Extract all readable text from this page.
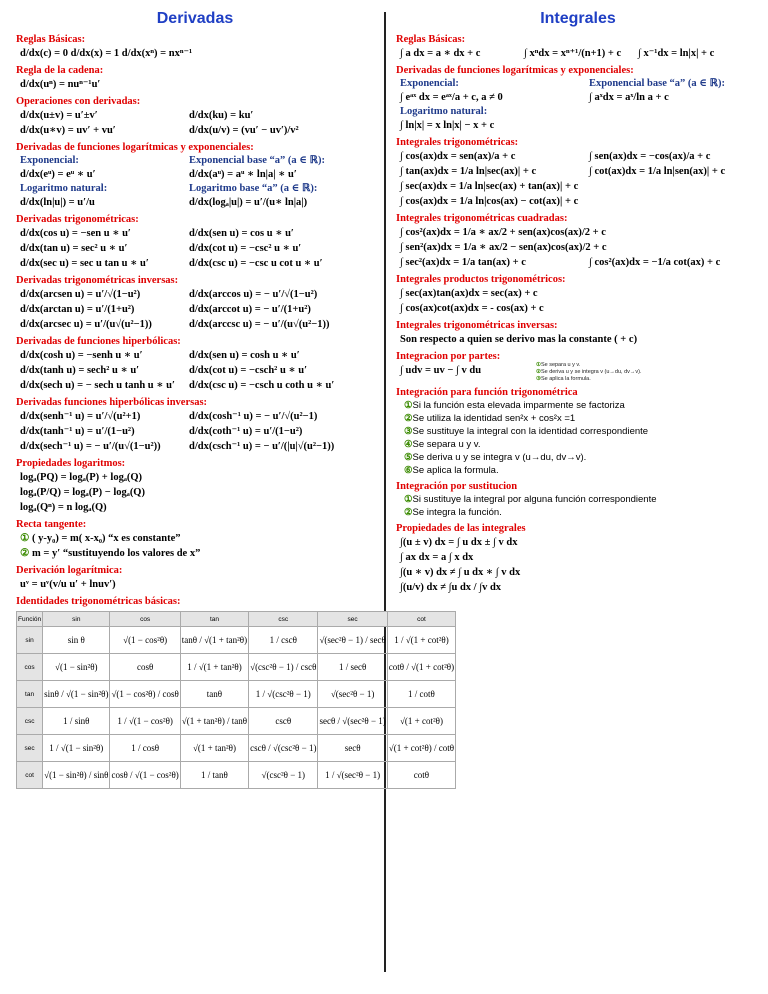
Derivadas	Integrales
Reglas Básicas:
d/dx(c) = 0 d/dx(x) = 1 d/dx(xⁿ) = nxⁿ⁻¹
Regla de la cadena:
d/dx(uⁿ) = nuⁿ⁻¹u′
Operaciones con derivadas:
d/dx(u±v) = u′±v′	d/dx(ku) = ku′
d/dx(u∗v) = uv′ + vu′	d/dx(u/v) = (vu′ − uv′)/v²
Derivadas de funciones logarítmicas y exponenciales:
Exponencial:	Exponencial base “a” (a ∈ ℝ):
d/dx(eᵘ) = eᵘ ∗ u′	d/dx(aᵘ) = aᵘ ∗ ln|a| ∗ u′
Logaritmo natural:	Logaritmo base “a” (a ∈ ℝ):
d/dx(ln|u|) = u′/u	d/dx(logₐ|u|) = u′/(u∗ ln|a|)
Derivadas trigonométricas:
d/dx(cos u) = −sen u ∗ u′	d/dx(sen u) = cos u ∗ u′
d/dx(tan u) = sec² u ∗ u′	d/dx(cot u) = −csc² u ∗ u′
d/dx(sec u) = sec u tan u ∗ u′	d/dx(csc u) = −csc u cot u ∗ u′
Derivadas trigonométricas inversas:
d/dx(arcsen u) = u′/√(1−u²)	d/dx(arccos u) = − u′/√(1−u²)
d/dx(arctan u) = u′/(1+u²)	d/dx(arccot u) = − u′/(1+u²)
d/dx(arcsec u) = u′/(u√(u²−1))	d/dx(arccsc u) = − u′/(u√(u²−1))
Derivadas de funciones hiperbólicas:
d/dx(cosh u) = −senh u ∗ u′	d/dx(sen u) = cosh u ∗ u′
d/dx(tanh u) = sech² u ∗ u′	d/dx(cot u) = −csch² u ∗ u′
d/dx(sech u) = − sech u tanh u ∗ u′	d/dx(csc u) = −csch u coth u ∗ u′
Derivadas funciones hiperbólicas inversas:
d/dx(senh⁻¹ u) = u′/√(u²+1)	d/dx(cosh⁻¹ u) = − u′/√(u²−1)
d/dx(tanh⁻¹ u) = u′/(1−u²)	d/dx(coth⁻¹ u) = u′/(1−u²)
d/dx(sech⁻¹ u) = − u′/(u√(1−u²))	d/dx(csch⁻¹ u) = − u′/(|u|√(u²−1))
Propiedades logaritmos:
logₐ(PQ) = logₐ(P) + logₐ(Q)
logₐ(P/Q) = logₐ(P) − logₐ(Q)
logₐ(Qⁿ) = n logₐ(Q)
Recta tangente:
① ( y-y₀) = m( x-x₀) “x es constante”
② m = y′ “sustituyendo los valores de x”
Derivación logarítmica:
uᵛ = uᵛ(v/u u′ + lnuv′)
Identidades trigonométricas básicas:
Función	sin	cos	tan	csc	sec	cot
sin	sin θ	√(1 − cos²θ)	tanθ / √(1 + tan²θ)	1 / cscθ	√(sec²θ − 1) / secθ	1 / √(1 + cot²θ)
cos	√(1 − sin²θ)	cosθ	1 / √(1 + tan²θ)	√(csc²θ − 1) / cscθ	1 / secθ	cotθ / √(1 + cot²θ)
tan	sinθ / √(1 − sin²θ)	√(1 − cos²θ) / cosθ	tanθ	1 / √(csc²θ − 1)	√(sec²θ − 1)	1 / cotθ
csc	1 / sinθ	1 / √(1 − cos²θ)	√(1 + tan²θ) / tanθ	cscθ	secθ / √(sec²θ − 1)	√(1 + cot²θ)
sec	1 / √(1 − sin²θ)	1 / cosθ	√(1 + tan²θ)	cscθ / √(csc²θ − 1)	secθ	√(1 + cot²θ) / cotθ
cot	√(1 − sin²θ) / sinθ	cosθ / √(1 − cos²θ)	1 / tanθ	√(csc²θ − 1)	1 / √(sec²θ − 1)	cotθ
Reglas Básicas:
∫ a dx = a ∗ dx + c	∫ xⁿdx = xⁿ⁺¹/(n+1) + c	∫ x⁻¹dx = ln|x| + c
Derivadas de funciones logarítmicas y exponenciales:
Exponencial:	Exponencial base “a” (a ∈ ℝ):
∫ eᵃˣ dx = eᵃˣ/a + c, a ≠ 0	∫ aˣdx = aˣ/ln a + c
Logaritmo natural:
∫ ln|x| = x ln|x| − x + c
Integrales trigonométricas:
∫ cos(ax)dx = sen(ax)/a + c	∫ sen(ax)dx = −cos(ax)/a + c
∫ tan(ax)dx = 1/a ln|sec(ax)| + c	∫ cot(ax)dx = 1/a ln|sen(ax)| + c
∫ sec(ax)dx = 1/a ln|sec(ax) + tan(ax)| + c
∫ cos(ax)dx = 1/a ln|cos(ax) − cot(ax)| + c
Integrales trigonométricas cuadradas:
∫ cos²(ax)dx = 1/a ∗ ax/2 + sen(ax)cos(ax)/2 + c
∫ sen²(ax)dx = 1/a ∗ ax/2 − sen(ax)cos(ax)/2 + c
∫ sec²(ax)dx = 1/a tan(ax) + c	∫ cos²(ax)dx = −1/a cot(ax) + c
Integrales productos trigonométricos:
∫ sec(ax)tan(ax)dx = sec(ax) + c
∫ cos(ax)cot(ax)dx = - cos(ax) + c
Integrales trigonométricas inversas:
Son respecto a quien se derivo mas la constante ( + c)
Integracion por partes:
∫ udv = uv − ∫ v du	①Se separa u y v.
②Se deriva u y se integra v (u→du, dv→v).
③Se aplica la formula.
Integración para función trigonométrica
①Si la función esta elevada imparmente se factoriza
②Se utiliza la identidad sen²x + cos²x =1
③Se sustituye la integral con la identidad correspondiente
④Se separa u y v.
⑤Se deriva u y se integra v (u→du, dv→v).
⑥Se aplica la formula.
Integración por sustitucion
①Si sustituye la integral por alguna función correspondiente
②Se integra la función.
Propiedades de las integrales
∫(u ± v) dx = ∫ u dx ± ∫ v dx
∫ ax dx = a ∫ x dx
∫(u ∗ v) dx ≠ ∫ u dx ∗ ∫ v dx
∫(u/v) dx ≠ ∫u dx / ∫v dx
